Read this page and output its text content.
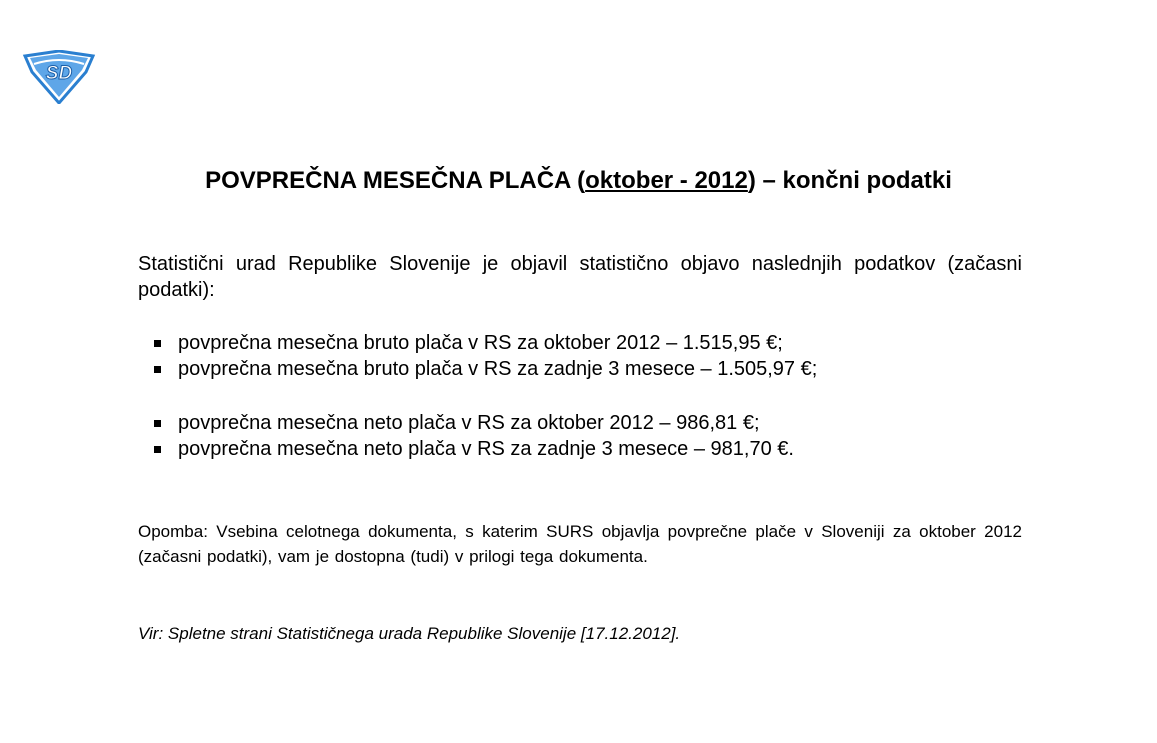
SD
POVPREČNA MESEČNA PLAČA (oktober - 2012) – končni podatki

Statistični urad Republike Slovenije je objavil statistično objavo naslednjih podatkov (začasni podatki):

povprečna mesečna bruto plača v RS za oktober 2012 – 1.515,95 €;
povprečna mesečna bruto plača v RS za zadnje 3 mesece – 1.505,97 €;
povprečna mesečna neto plača v RS za oktober 2012 – 986,81 €;
povprečna mesečna neto plača v RS za zadnje 3 mesece – 981,70 €.

Opomba: Vsebina celotnega dokumenta, s katerim SURS objavlja povprečne plače v Sloveniji za oktober 2012 (začasni podatki), vam je dostopna (tudi) v prilogi tega dokumenta.

Vir: Spletne strani Statističnega urada Republike Slovenije [17.12.2012].
